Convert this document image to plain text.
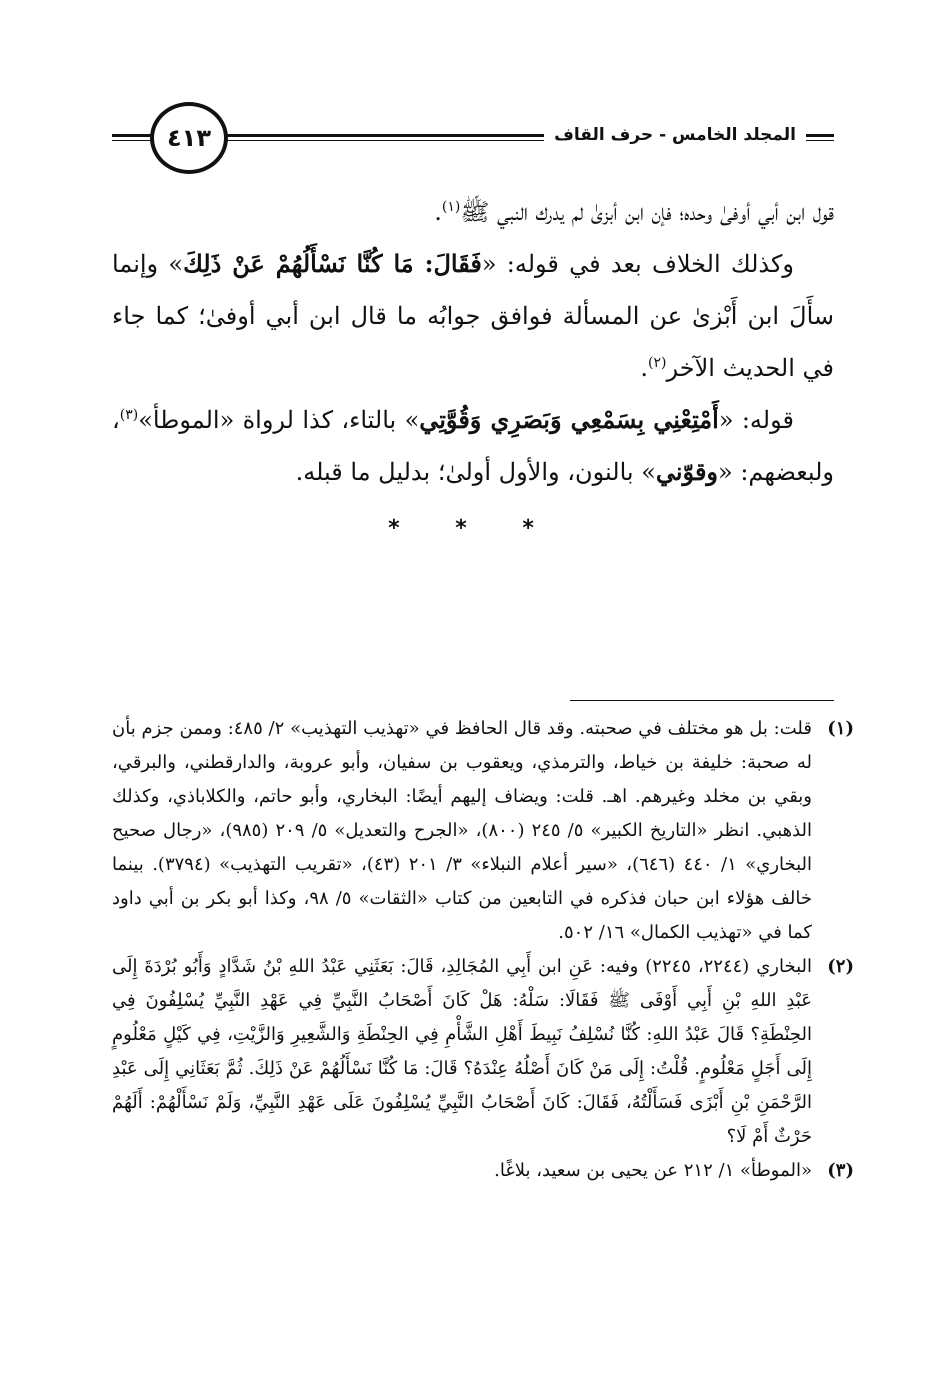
٤١٣	المجلد الخامس - حرف القاف

قول ابن أبي أوفىٰ وحده؛ فإن ابن أبزىٰ لم يدرك النبي ﷺ$^{(١)}$.

وكذلك الخلاف بعد في قوله: «فَقَالَ: مَا كُنَّا نَسْأَلُهُمْ عَنْ ذَلِكَ» وإنما سأَلَ ابن أَبْزىٰ عن المسألة فوافق جوابُه ما قال ابن أبي أوفىٰ؛ كما جاء في الحديث الآخر$^{(٢)}$.

قوله: «أَمْتِعْنِي بِسَمْعِي وَبَصَرِي وَقُوَّتِي» بالتاء، كذا لرواة «الموطأ»$^{(٣)}$، ولبعضهم: «وقوّني» بالنون، والأول أولىٰ؛ بدليل ما قبله.

* * *

(١)
قلت: بل هو مختلف في صحبته. وقد قال الحافظ في «تهذيب التهذيب» ٢/ ٤٨٥: وممن جزم بأن له صحبة: خليفة بن خياط، والترمذي، ويعقوب بن سفيان، وأبو عروبة، والدارقطني، والبرقي، وبقي بن مخلد وغيرهم. اهـ. قلت: ويضاف إليهم أيضًا: البخاري، وأبو حاتم، والكلاباذي، وكذلك الذهبي. انظر «التاريخ الكبير» ٥/ ٢٤٥ (٨٠٠)، «الجرح والتعديل» ٥/ ٢٠٩ (٩٨٥)، «رجال صحيح البخاري» ١/ ٤٤٠ (٦٤٦)، «سير أعلام النبلاء» ٣/ ٢٠١ (٤٣)، «تقريب التهذيب» (٣٧٩٤). بينما خالف هؤلاء ابن حبان فذكره في التابعين من كتاب «الثقات» ٥/ ٩٨، وكذا أبو بكر بن أبي داود كما في «تهذيب الكمال» ١٦/ ٥٠٢.

(٢)
البخاري (٢٢٤٤، ٢٢٤٥) وفيه: عَنِ ابن أَبِي المُجَالِدِ، قَالَ: بَعَثَنِي عَبْدُ اللهِ بْنُ شَدَّادٍ وَأَبُو بُرْدَةَ إِلَى عَبْدِ اللهِ بْنِ أَبِي أَوْفَى ﷺ فَقَالَا: سَلْهُ: هَلْ كَانَ أَصْحَابُ النَّبِيِّ فِي عَهْدِ النَّبِيِّ يُسْلِفُونَ فِي الحِنْطَةِ؟ قَالَ عَبْدُ اللهِ: كُنَّا نُسْلِفُ نَبِيطَ أَهْلِ الشَّأْمِ فِي الحِنْطَةِ وَالشَّعِيرِ وَالزَّيْتِ، فِي كَيْلٍ مَعْلُومٍ إِلَى أَجَلٍ مَعْلُومٍ. قُلْتُ: إِلَى مَنْ كَانَ أَصْلُهُ عِنْدَهُ؟ قَالَ: مَا كُنَّا نَسْأَلُهُمْ عَنْ ذَلِكَ. ثُمَّ بَعَثَانِي إِلَى عَبْدِ الرَّحْمَنِ بْنِ أَبْزَى فَسَأَلْتُهُ، فَقَالَ: كَانَ أَصْحَابُ النَّبِيِّ يُسْلِفُونَ عَلَى عَهْدِ النَّبِيِّ، وَلَمْ نَسْأَلْهُمْ: أَلَهُمْ حَرْثٌ أَمْ لَا؟

(٣)
«الموطأ» ١/ ٢١٢ عن يحيى بن سعيد، بلاغًا.
